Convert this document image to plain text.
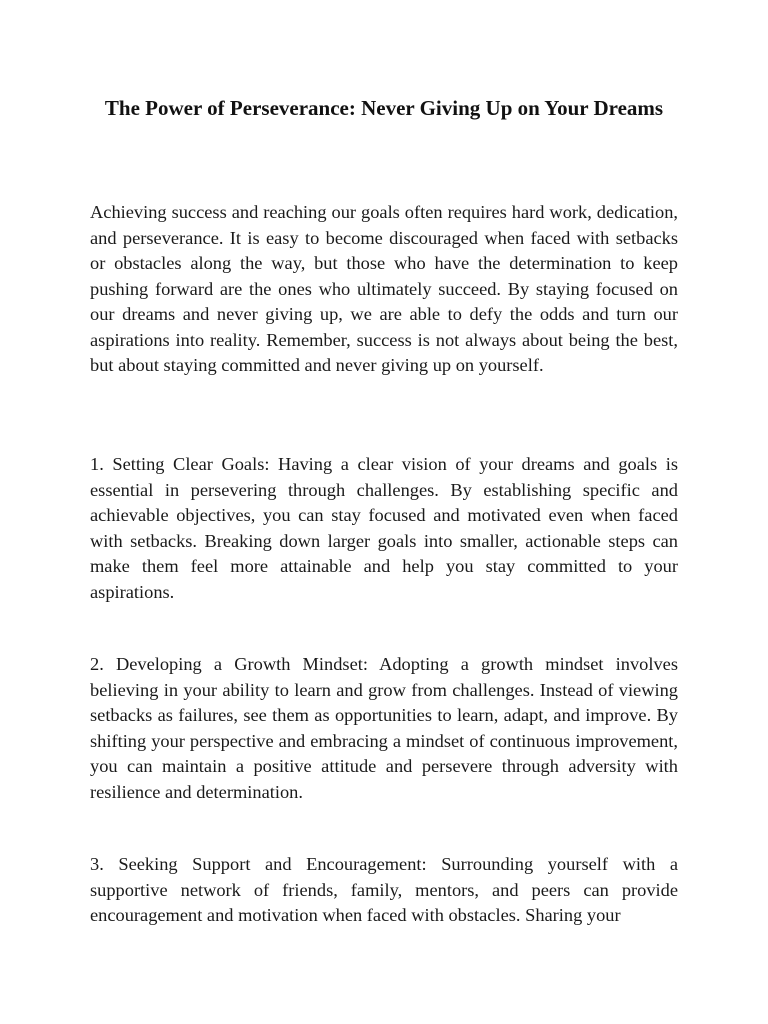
The Power of Perseverance: Never Giving Up on Your Dreams

Achieving success and reaching our goals often requires hard work, dedication, and perseverance. It is easy to become discouraged when faced with setbacks or obstacles along the way, but those who have the determination to keep pushing forward are the ones who ultimately succeed. By staying focused on our dreams and never giving up, we are able to defy the odds and turn our aspirations into reality. Remember, success is not always about being the best, but about staying committed and never giving up on yourself.

1. Setting Clear Goals: Having a clear vision of your dreams and goals is essential in persevering through challenges. By establishing specific and achievable objectives, you can stay focused and motivated even when faced with setbacks. Breaking down larger goals into smaller, actionable steps can make them feel more attainable and help you stay committed to your aspirations.

2. Developing a Growth Mindset: Adopting a growth mindset involves believing in your ability to learn and grow from challenges. Instead of viewing setbacks as failures, see them as opportunities to learn, adapt, and improve. By shifting your perspective and embracing a mindset of continuous improvement, you can maintain a positive attitude and persevere through adversity with resilience and determination.

3. Seeking Support and Encouragement: Surrounding yourself with a supportive network of friends, family, mentors, and peers can provide encouragement and motivation when faced with obstacles. Sharing your
